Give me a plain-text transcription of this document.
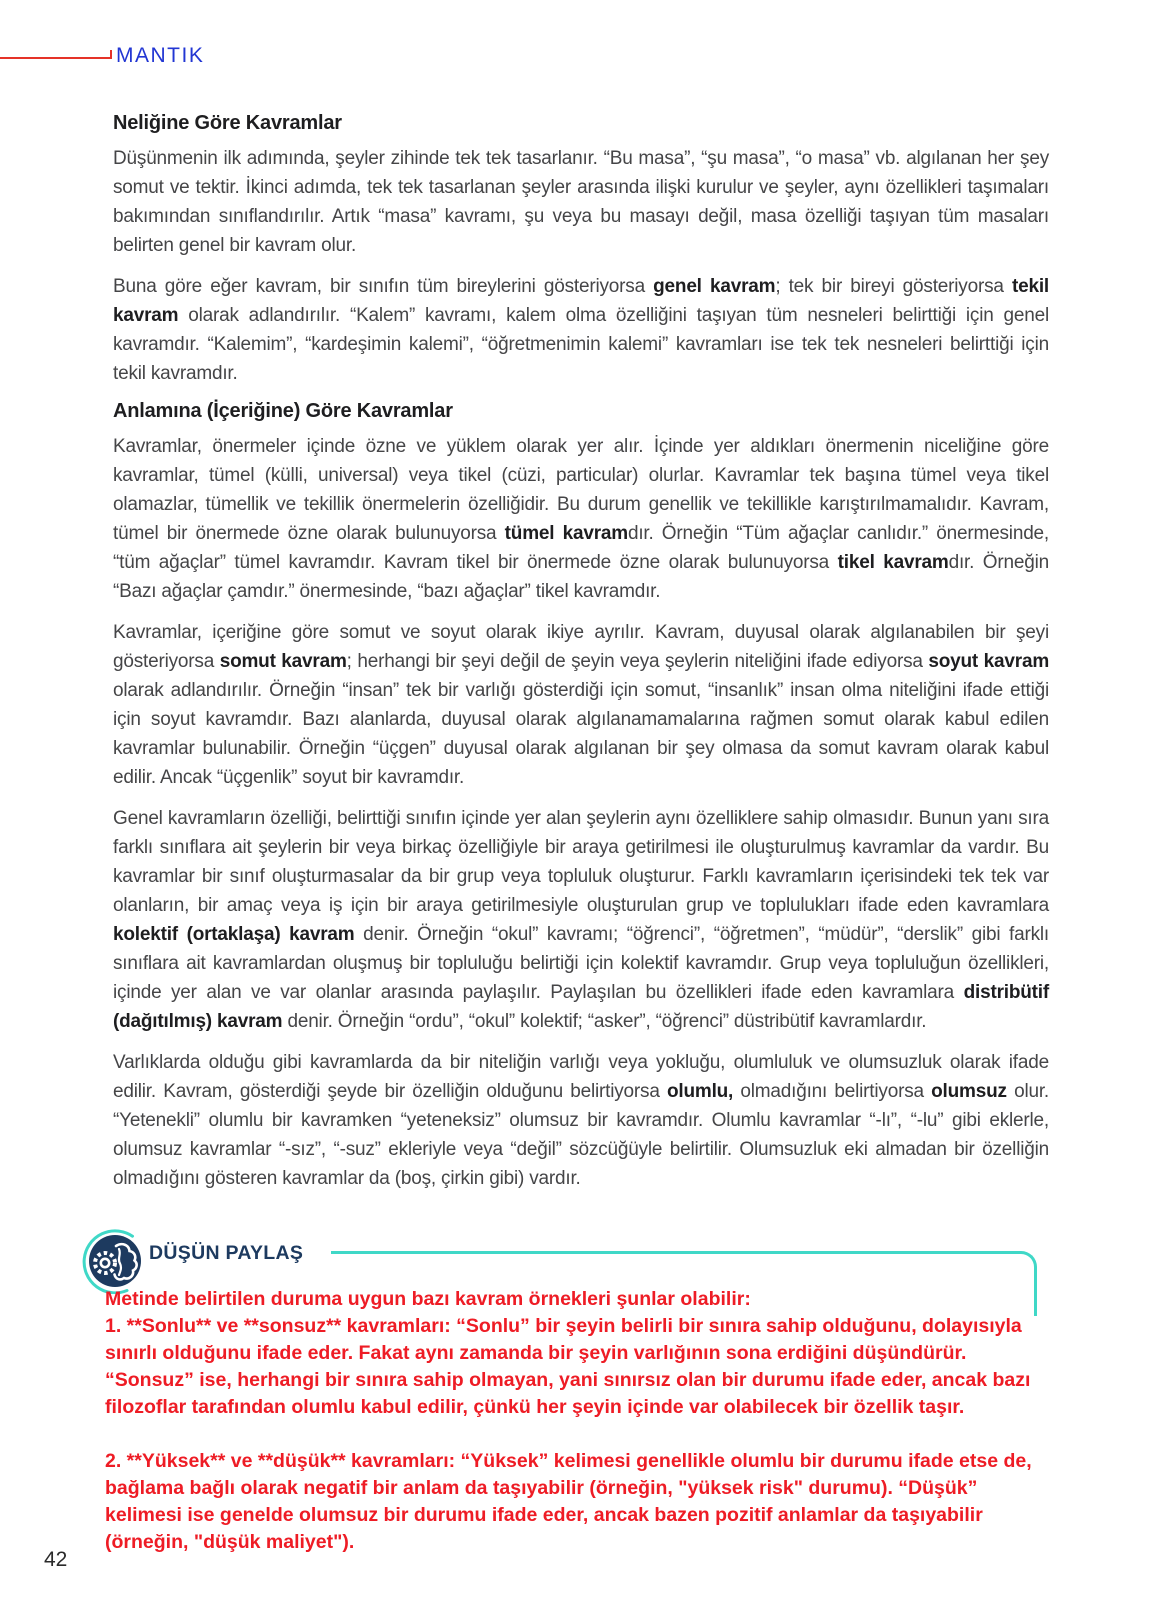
MANTIK
Neliğine Göre Kavramlar

Düşünmenin ilk adımında, şeyler zihinde tek tek tasarlanır. “Bu masa”, “şu masa”, “o masa” vb. algılanan her şey somut ve tektir. İkinci adımda, tek tek tasarlanan şeyler arasında ilişki kurulur ve şeyler, aynı özellikleri taşımaları bakımından sınıflandırılır. Artık “masa” kavramı, şu veya bu masayı değil, masa özelliği taşıyan tüm masaları belirten genel bir kavram olur.

Buna göre eğer kavram, bir sınıfın tüm bireylerini gösteriyorsa genel kavram; tek bir bireyi gösteriyorsa tekil kavram olarak adlandırılır. “Kalem” kavramı, kalem olma özelliğini taşıyan tüm nesneleri belirttiği için genel kavramdır. “Kalemim”, “kardeşimin kalemi”, “öğretmenimin kalemi” kavramları ise tek tek nesneleri belirttiği için tekil kavramdır.

Anlamına (İçeriğine) Göre Kavramlar

Kavramlar, önermeler içinde özne ve yüklem olarak yer alır. İçinde yer aldıkları önermenin niceliğine göre kavramlar, tümel (külli, universal) veya tikel (cüzi, particular) olurlar. Kavramlar tek başına tümel veya tikel olamazlar, tümellik ve tekillik önermelerin özelliğidir. Bu durum genellik ve tekillikle karıştırılmamalıdır. Kavram, tümel bir önermede özne olarak bulunuyorsa tümel kavramdır. Örneğin “Tüm ağaçlar canlıdır.” önermesinde, “tüm ağaçlar” tümel kavramdır. Kavram tikel bir önermede özne olarak bulunuyorsa tikel kavramdır. Örneğin “Bazı ağaçlar çamdır.” önermesinde, “bazı ağaçlar” tikel kavramdır.

Kavramlar, içeriğine göre somut ve soyut olarak ikiye ayrılır. Kavram, duyusal olarak algılanabilen bir şeyi gösteriyorsa somut kavram; herhangi bir şeyi değil de şeyin veya şeylerin niteliğini ifade ediyorsa soyut kavram olarak adlandırılır. Örneğin “insan” tek bir varlığı gösterdiği için somut, “insanlık” insan olma niteliğini ifade ettiği için soyut kavramdır. Bazı alanlarda, duyusal olarak algılanamamalarına rağmen somut olarak kabul edilen kavramlar bulunabilir. Örneğin “üçgen” duyusal olarak algılanan bir şey olmasa da somut kavram olarak kabul edilir. Ancak “üçgenlik” soyut bir kavramdır.

Genel kavramların özelliği, belirttiği sınıfın içinde yer alan şeylerin aynı özelliklere sahip olmasıdır. Bunun yanı sıra farklı sınıflara ait şeylerin bir veya birkaç özelliğiyle bir araya getirilmesi ile oluşturulmuş kavramlar da vardır. Bu kavramlar bir sınıf oluşturmasalar da bir grup veya topluluk oluşturur. Farklı kavramların içerisindeki tek tek var olanların, bir amaç veya iş için bir araya getirilmesiyle oluşturulan grup ve toplulukları ifade eden kavramlara kolektif (ortaklaşa) kavram denir. Örneğin “okul” kavramı; “öğrenci”, “öğretmen”, “müdür”, “derslik” gibi farklı sınıflara ait kavramlardan oluşmuş bir topluluğu belirtiği için kolektif kavramdır. Grup veya topluluğun özellikleri, içinde yer alan ve var olanlar arasında paylaşılır. Paylaşılan bu özellikleri ifade eden kavramlara distribütif (dağıtılmış) kavram denir. Örneğin “ordu”, “okul” kolektif; “asker”, “öğrenci” düstribütif kavramlardır.

Varlıklarda olduğu gibi kavramlarda da bir niteliğin varlığı veya yokluğu, olumluluk ve olumsuzluk olarak ifade edilir. Kavram, gösterdiği şeyde bir özelliğin olduğunu belirtiyorsa olumlu, olmadığını belirtiyorsa olumsuz olur. “Yetenekli” olumlu bir kavramken “yeteneksiz” olumsuz bir kavramdır. Olumlu kavramlar “-lı”, “-lu” gibi eklerle, olumsuz kavramlar “-sız”, “-suz” ekleriyle veya “değil” sözcüğüyle belirtilir. Olumsuzluk eki almadan bir özelliğin olmadığını gösteren kavramlar da (boş, çirkin gibi) vardır.

DÜŞÜN PAYLAŞ

Metinde belirtilen duruma uygun bazı kavram örnekleri şunlar olabilir:

1. **Sonlu** ve **sonsuz** kavramları: “Sonlu” bir şeyin belirli bir sınıra sahip olduğunu, dolayısıyla sınırlı olduğunu ifade eder. Fakat aynı zamanda bir şeyin varlığının sona erdiğini düşündürür. “Sonsuz” ise, herhangi bir sınıra sahip olmayan, yani sınırsız olan bir durumu ifade eder, ancak bazı filozoflar tarafından olumlu kabul edilir, çünkü her şeyin içinde var olabilecek bir özellik taşır.

2. **Yüksek** ve **düşük** kavramları: “Yüksek” kelimesi genellikle olumlu bir durumu ifade etse de, bağlama bağlı olarak negatif bir anlam da taşıyabilir (örneğin, "yüksek risk" durumu). “Düşük” kelimesi ise genelde olumsuz bir durumu ifade eder, ancak bazen pozitif anlamlar da taşıyabilir (örneğin, "düşük maliyet").

42
